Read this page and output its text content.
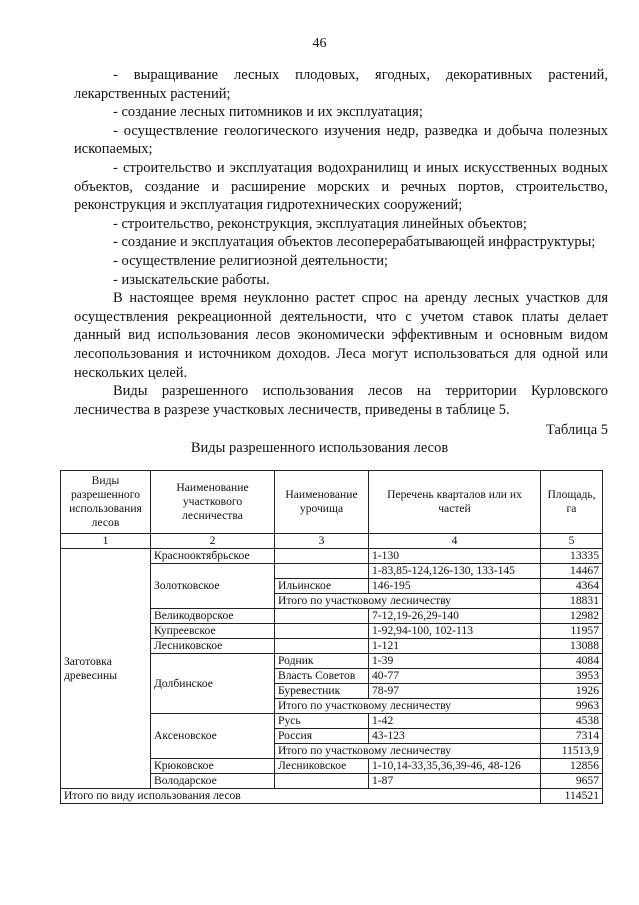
46

- выращивание лесных плодовых, ягодных, декоративных растений, лекарственных растений;

- создание лесных питомников и их эксплуатация;

- осуществление геологического изучения недр, разведка и добыча полезных ископаемых;

- строительство и эксплуатация водохранилищ и иных искусственных водных объектов, создание и расширение морских и речных портов, строительство, реконструкция и эксплуатация гидротехнических сооружений;

- строительство, реконструкция, эксплуатация линейных объектов;

- создание и эксплуатация объектов лесоперерабатывающей инфраструктуры;

- осуществление религиозной деятельности;

- изыскательские работы.

В настоящее время неуклонно растет спрос на аренду лесных участков для осуществления рекреационной деятельности, что с учетом ставок платы делает данный вид использования лесов экономически эффективным и основным видом лесопользования и источником доходов. Леса могут использоваться для одной или нескольких целей.

Виды разрешенного использования лесов на территории Курловского лесничества в разрезе участковых лесничеств, приведены в таблице 5.

Таблица 5
Виды разрешенного использования лесов
Виды разрешенного использования лесов	Наименование участкового лесничества	Наименование урочища	Перечень кварталов или их частей	Площадь, га
1	2	3	4	5
Заготовка древесины	Краснооктябрьское		1-130	13335
	Золотковское		1-83,85-124,126-130, 133-145	14467
		Ильинское	146-195	4364
		Итого по участковому лесничеству		18831
	Великодворское		7-12,19-26,29-140	12982
	Купреевское		1-92,94-100, 102-113	11957
	Лесниковское		1-121	13088
	Долбинское	Родник	1-39	4084
		Власть Советов	40-77	3953
		Буревестник	78-97	1926
		Итого по участковому лесничеству		9963
	Аксеновское	Русь	1-42	4538
		Россия	43-123	7314
		Итого по участковому лесничеству		11513,9
	Крюковское	Лесниковское	1-10,14-33,35,36,39-46, 48-126	12856
	Володарское		1-87	9657
Итого по виду использования лесов				114521
